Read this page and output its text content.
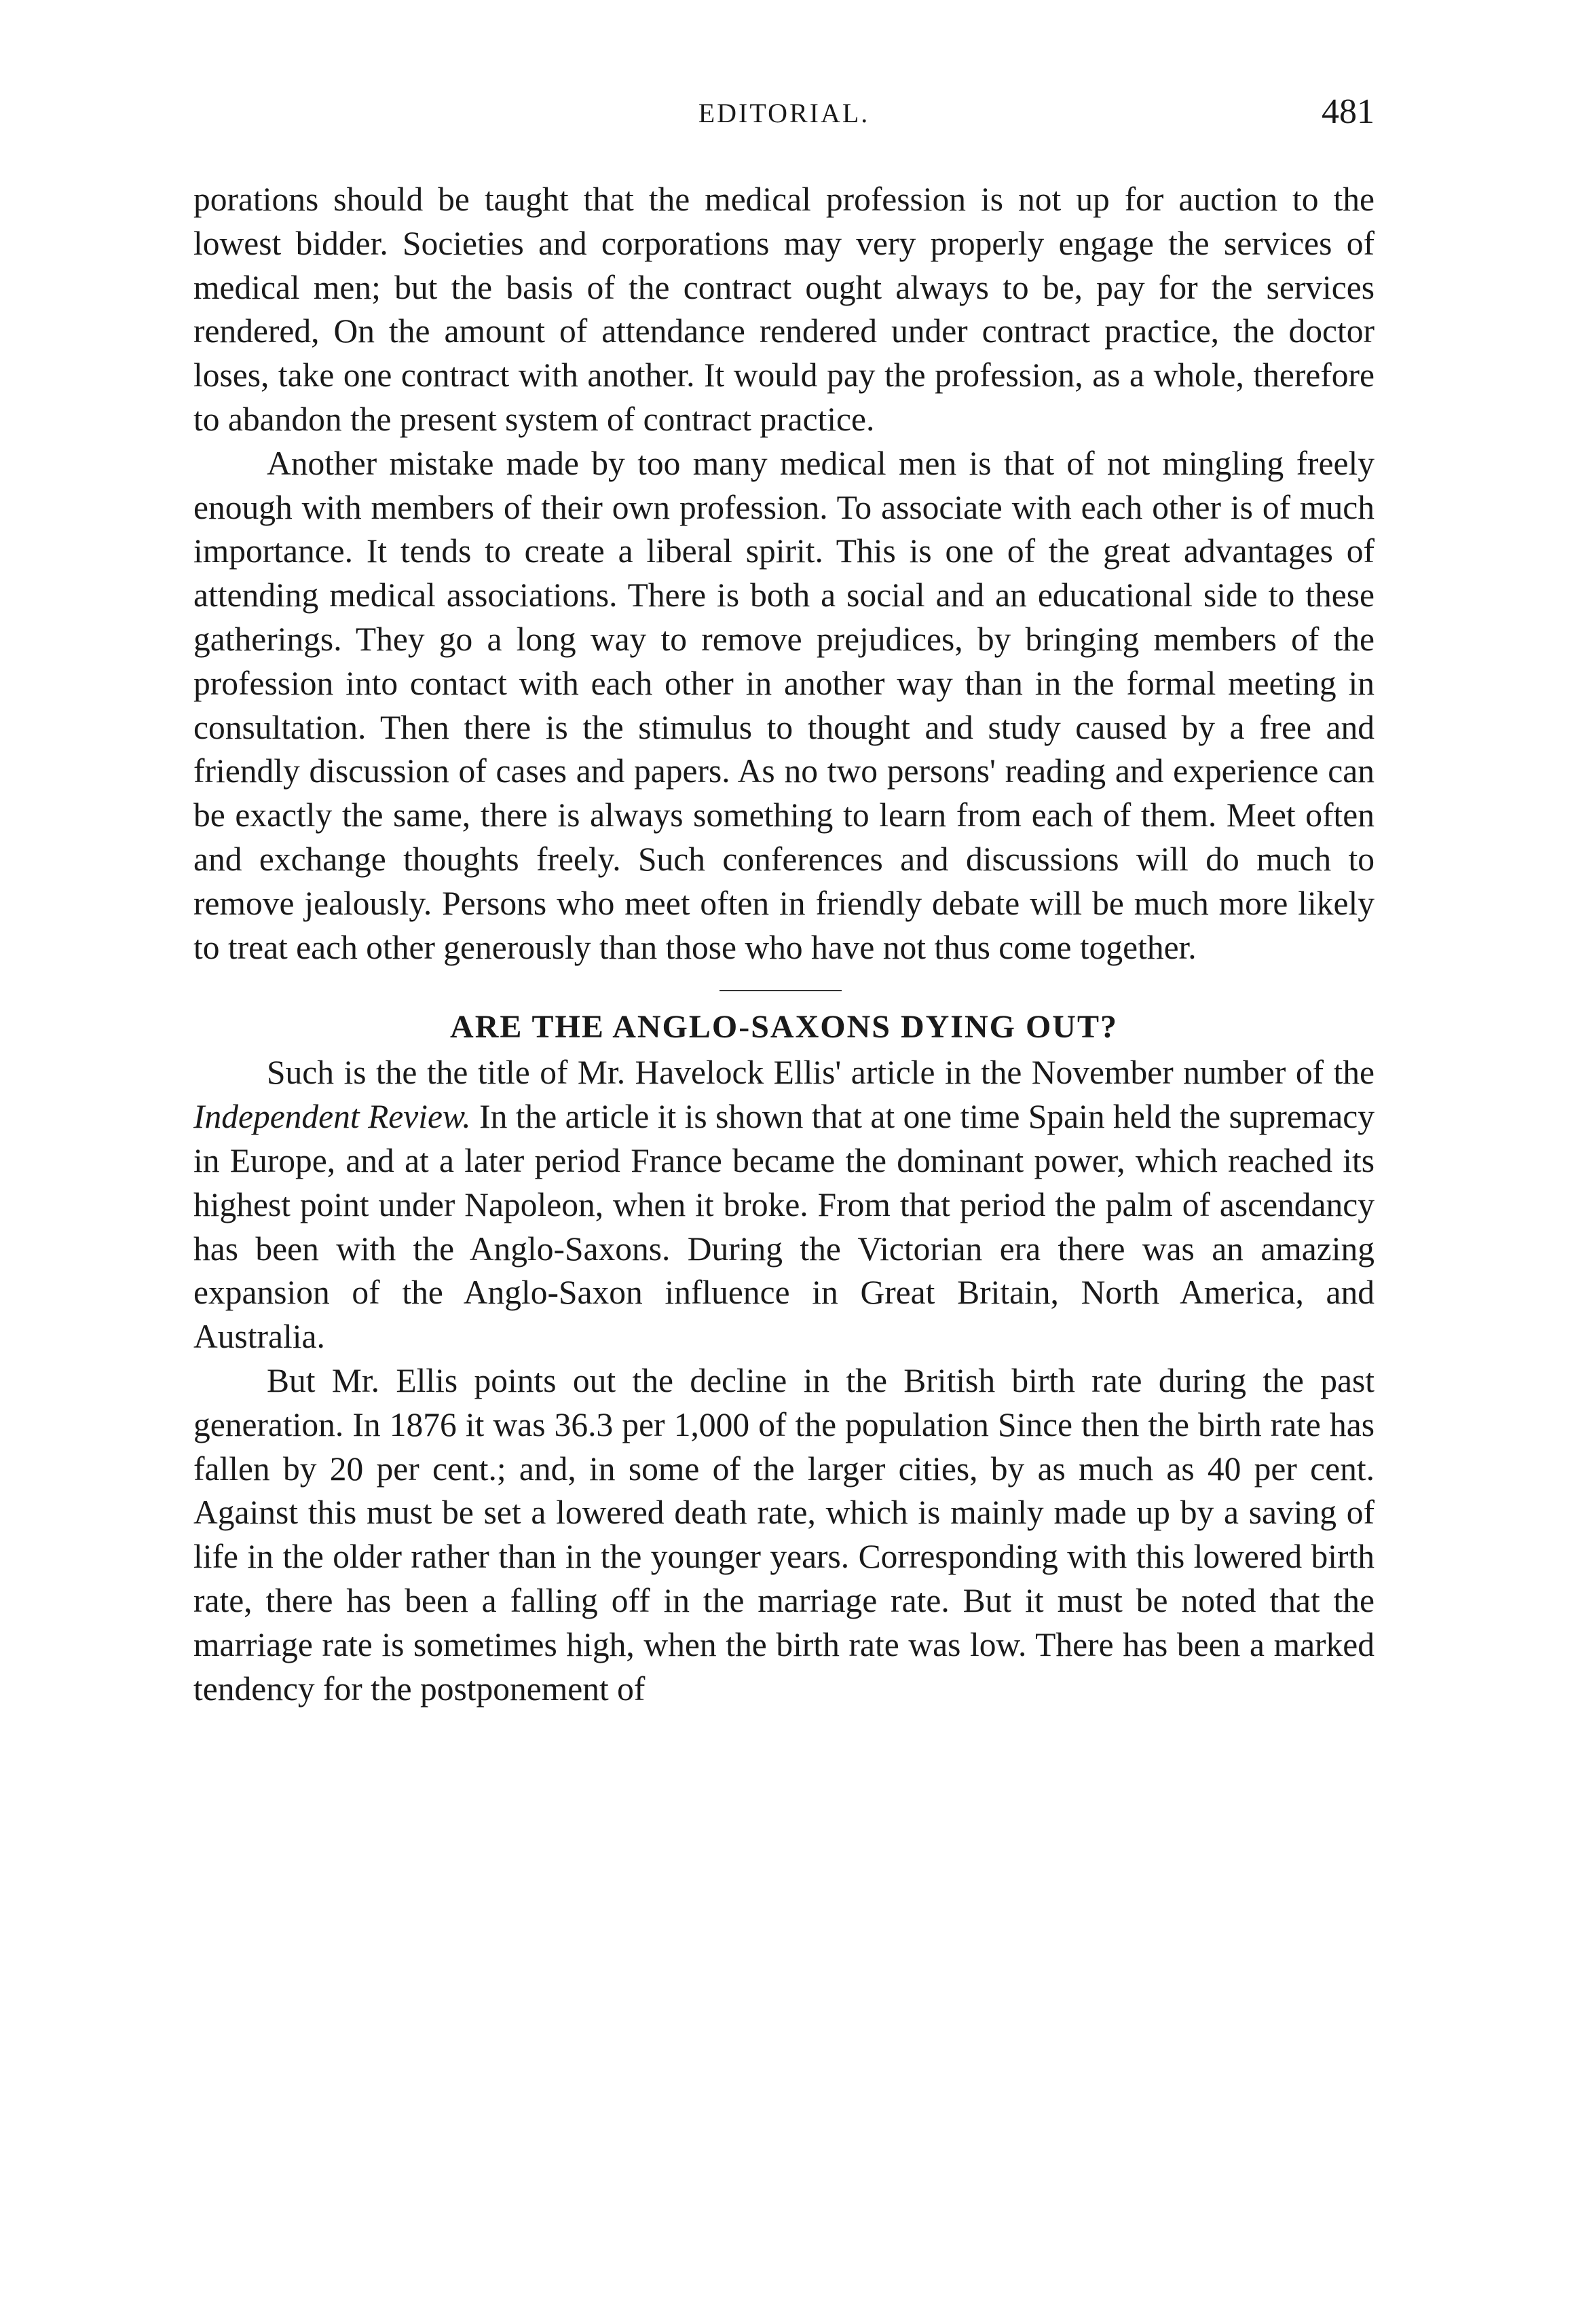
EDITORIAL.	481

porations should be taught that the medical profession is not up for auction to the lowest bidder. Societies and corporations may very properly engage the services of medical men; but the basis of the contract ought always to be, pay for the services rendered, On the amount of attendance rendered under contract practice, the doctor loses, take one contract with another. It would pay the profession, as a whole, therefore to abandon the present system of contract practice.

Another mistake made by too many medical men is that of not mingling freely enough with members of their own profession. To associate with each other is of much importance. It tends to create a liberal spirit. This is one of the great advantages of attending medical associations. There is both a social and an educational side to these gatherings. They go a long way to remove prejudices, by bringing members of the profession into contact with each other in another way than in the formal meeting in consultation. Then there is the stimulus to thought and study caused by a free and friendly discussion of cases and papers. As no two persons' reading and experience can be exactly the same, there is always something to learn from each of them. Meet often and exchange thoughts freely. Such conferences and discussions will do much to remove jealously. Persons who meet often in friendly debate will be much more likely to treat each other generously than those who have not thus come together.

ARE THE ANGLO-SAXONS DYING OUT?

Such is the the title of Mr. Havelock Ellis' article in the November number of the Independent Review. In the article it is shown that at one time Spain held the supremacy in Europe, and at a later period France became the dominant power, which reached its highest point under Napoleon, when it broke. From that period the palm of ascendancy has been with the Anglo-Saxons. During the Victorian era there was an amazing expansion of the Anglo-Saxon influence in Great Britain, North America, and Australia.

But Mr. Ellis points out the decline in the British birth rate during the past generation. In 1876 it was 36.3 per 1,000 of the population Since then the birth rate has fallen by 20 per cent.; and, in some of the larger cities, by as much as 40 per cent. Against this must be set a lowered death rate, which is mainly made up by a saving of life in the older rather than in the younger years. Corresponding with this lowered birth rate, there has been a falling off in the marriage rate. But it must be noted that the marriage rate is sometimes high, when the birth rate was low. There has been a marked tendency for the postponement of
